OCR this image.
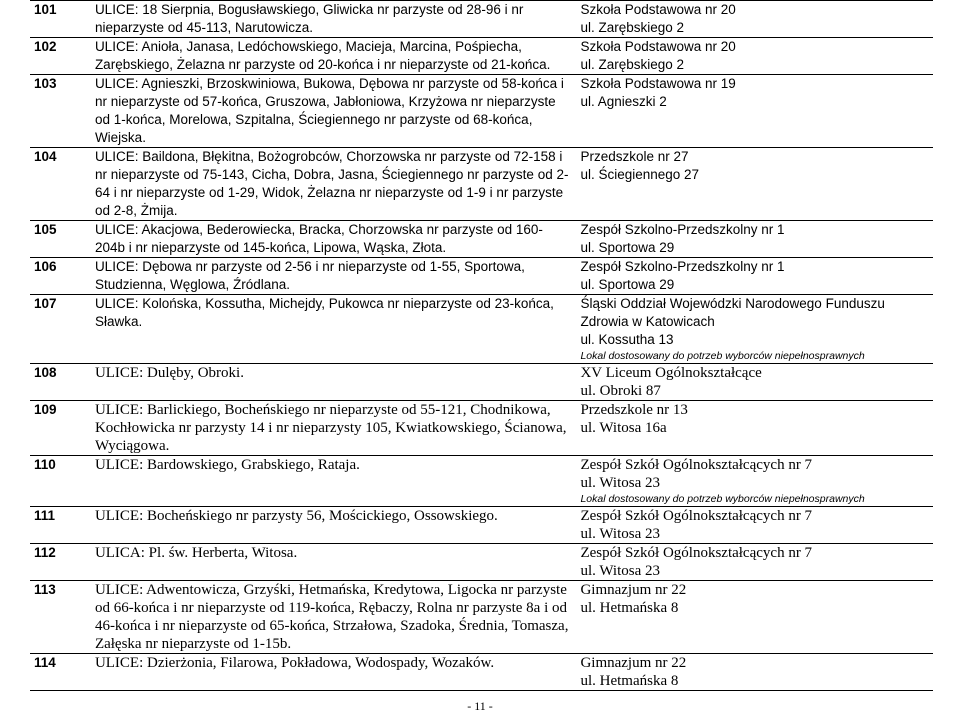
101	ULICE: 18 Sierpnia, Bogusławskiego, Gliwicka nr parzyste od 28-96 i nr nieparzyste od 45-113, Narutowicza.	Szkoła Podstawowa nr 20
ul. Zarębskiego 2

102	ULICE: Anioła, Janasa, Ledóchowskiego, Macieja, Marcina, Pośpiecha, Zarębskiego, Żelazna nr parzyste od 20-końca i nr nieparzyste od 21-końca.	Szkoła Podstawowa nr 20
ul. Zarębskiego 2

103	ULICE: Agnieszki, Brzoskwiniowa, Bukowa, Dębowa nr parzyste od 58-końca i nr nieparzyste od 57-końca, Gruszowa, Jabłoniowa, Krzyżowa nr nieparzyste od 1-końca, Morelowa, Szpitalna, Ściegiennego nr parzyste od 68-końca, Wiejska.	Szkoła Podstawowa nr 19
ul. Agnieszki 2

104	ULICE: Baildona, Błękitna, Bożogrobców, Chorzowska nr parzyste od 72-158 i nr nieparzyste od 75-143, Cicha, Dobra, Jasna, Ściegiennego nr parzyste od 2-64 i nr nieparzyste od 1-29, Widok, Żelazna nr nieparzyste od 1-9 i nr parzyste od 2-8, Żmija.	Przedszkole nr 27
ul. Ściegiennego 27

105	ULICE: Akacjowa, Bederowiecka, Bracka, Chorzowska nr parzyste od 160-204b i nr nieparzyste od 145-końca, Lipowa, Wąska, Złota.	Zespół Szkolno-Przedszkolny nr 1
ul. Sportowa 29

106	ULICE: Dębowa nr parzyste od 2-56 i nr nieparzyste od 1-55, Sportowa, Studzienna, Węglowa, Źródlana.	Zespół Szkolno-Przedszkolny nr 1
ul. Sportowa 29

107	ULICE: Kolońska, Kossutha, Michejdy, Pukowca nr nieparzyste od 23-końca, Sławka.	Śląski Oddział Wojewódzki Narodowego Funduszu Zdrowia w Katowicach
ul. Kossutha 13
Lokal dostosowany do potrzeb wyborców niepełnosprawnych

108	ULICE: Dulęby, Obroki.	XV Liceum Ogólnokształcące
ul. Obroki 87

109	ULICE: Barlickiego, Bocheńskiego nr nieparzyste od 55-121, Chodnikowa, Kochłowicka nr parzysty 14 i nr nieparzysty 105, Kwiatkowskiego, Ścianowa, Wyciągowa.	Przedszkole nr 13
ul. Witosa 16a

110	ULICE: Bardowskiego, Grabskiego, Rataja.	Zespół Szkół Ogólnokształcących nr 7
ul. Witosa 23
Lokal dostosowany do potrzeb wyborców niepełnosprawnych

111	ULICE: Bocheńskiego nr parzysty 56, Mościckiego, Ossowskiego.	Zespół Szkół Ogólnokształcących nr 7
ul. Witosa 23

112	ULICA: Pl. św. Herberta, Witosa.	Zespół Szkół Ogólnokształcących nr 7
ul. Witosa 23

113	ULICE: Adwentowicza, Grzyśki, Hetmańska, Kredytowa, Ligocka nr parzyste od 66-końca i nr nieparzyste od 119-końca, Rębaczy, Rolna nr parzyste 8a i od 46-końca i nr nieparzyste od 65-końca, Strzałowa, Szadoka, Średnia, Tomasza, Załęska nr nieparzyste od 1-15b.	Gimnazjum nr 22
ul. Hetmańska 8

114	ULICE: Dzierżonia, Filarowa, Pokładowa, Wodospady, Wozaków.	Gimnazjum nr 22
ul. Hetmańska 8
- 11 -
